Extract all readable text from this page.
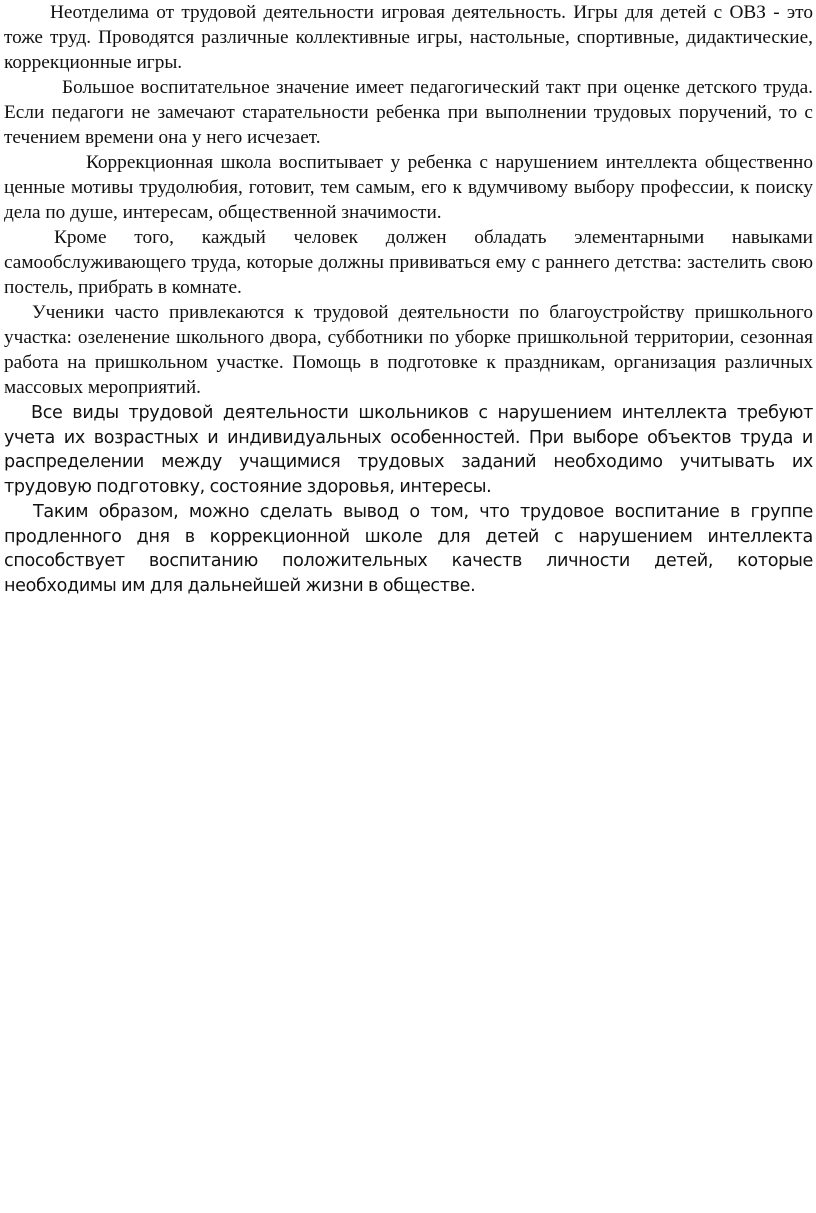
Неотделима от трудовой деятельности игровая деятельность. Игры для детей с ОВЗ - это тоже труд. Проводятся различные коллективные игры, настольные, спортивные, дидактические, коррекционные игры.

Большое воспитательное значение имеет педагогический такт при оценке детского труда. Если педагоги не замечают старательности ребенка при выполнении трудовых поручений, то с течением времени она у него исчезает.

Коррекционная школа воспитывает у ребенка с нарушением интеллекта общественно ценные мотивы трудолюбия, готовит, тем самым, его к вдумчивому выбору профессии, к поиску дела по душе, интересам, общественной значимости.

Кроме того, каждый человек должен обладать элементарными навыками самообслуживающего труда, которые должны прививаться ему с раннего детства: застелить свою постель, прибрать в комнате.

Ученики часто привлекаются к трудовой деятельности по благоустройству пришкольного участка: озеленение школьного двора, субботники по уборке пришкольной территории, сезонная работа на пришкольном участке. Помощь в подготовке к праздникам, организация различных массовых мероприятий.

Все виды трудовой деятельности школьников с нарушением интеллекта требуют учета их возрастных и индивидуальных особенностей. При выборе объектов труда и распределении между учащимися трудовых заданий необходимо учитывать их трудовую подготовку, состояние здоровья, интересы.

Таким образом, можно сделать вывод о том, что трудовое воспитание в группе продленного дня в коррекционной школе для детей с нарушением интеллекта способствует воспитанию положительных качеств личности детей, которые необходимы им для дальнейшей жизни в обществе.
